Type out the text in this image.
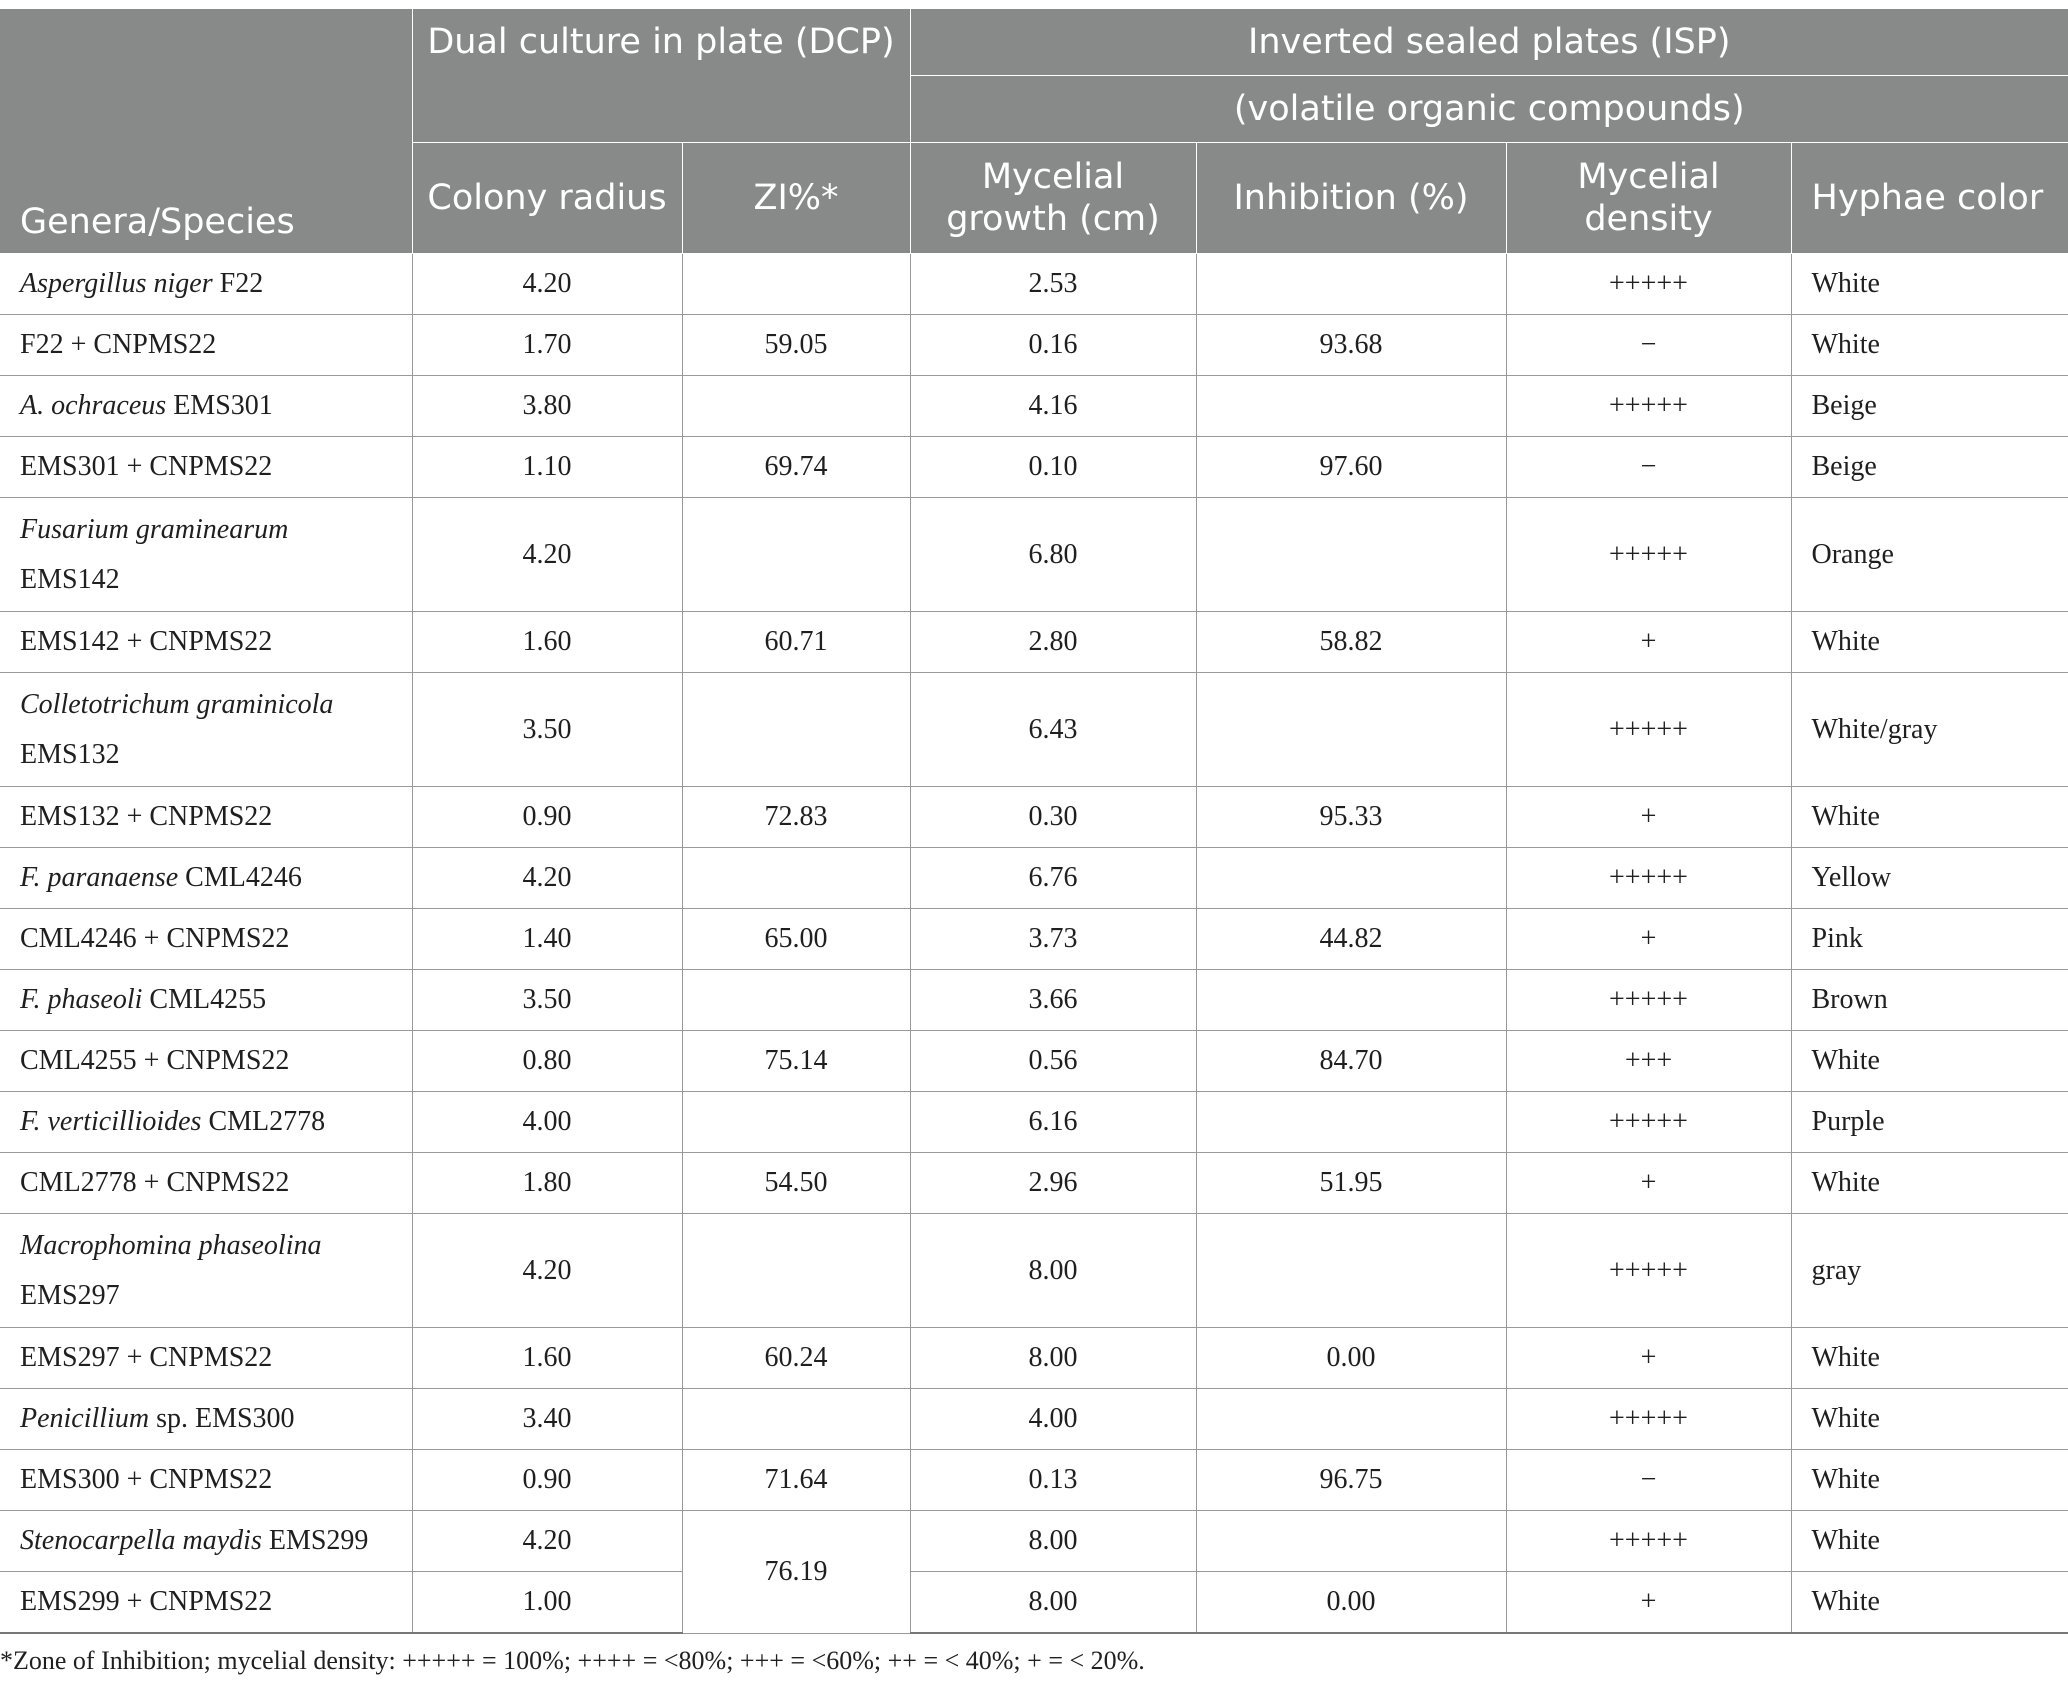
Genera/Species	Dual culture in plate (DCP)		Inverted sealed plates (ISP)			
			(volatile organic compounds)			
	Colony radius	ZI%*	Mycelial growth (cm)	Inhibition (%)	Mycelial density	Hyphae color
Aspergillus niger F22	4.20		2.53		+++++	White
F22 + CNPMS22	1.70	59.05	0.16	93.68	−	White
A. ochraceus EMS301	3.80		4.16		+++++	Beige
EMS301 + CNPMS22	1.10	69.74	0.10	97.60	−	Beige
Fusarium graminearum
EMS142	4.20		6.80		+++++	Orange
EMS142 + CNPMS22	1.60	60.71	2.80	58.82	+	White
Colletotrichum graminicola
EMS132	3.50		6.43		+++++	White/gray
EMS132 + CNPMS22	0.90	72.83	0.30	95.33	+	White
F. paranaense CML4246	4.20		6.76		+++++	Yellow
CML4246 + CNPMS22	1.40	65.00	3.73	44.82	+	Pink
F. phaseoli CML4255	3.50		3.66		+++++	Brown
CML4255 + CNPMS22	0.80	75.14	0.56	84.70	+++	White
F. verticillioides CML2778	4.00		6.16		+++++	Purple
CML2778 + CNPMS22	1.80	54.50	2.96	51.95	+	White
Macrophomina phaseolina
EMS297	4.20		8.00		+++++	gray
EMS297 + CNPMS22	1.60	60.24	8.00	0.00	+	White
Penicillium sp. EMS300	3.40		4.00		+++++	White
EMS300 + CNPMS22	0.90	71.64	0.13	96.75	−	White
Stenocarpella maydis EMS299	4.20	76.19	8.00		+++++	White
EMS299 + CNPMS22	1.00		8.00	0.00	+	White
*Zone of Inhibition; mycelial density: +++++ = 100%; ++++ = <80%; +++ = <60%; ++ = < 40%; + = < 20%.
